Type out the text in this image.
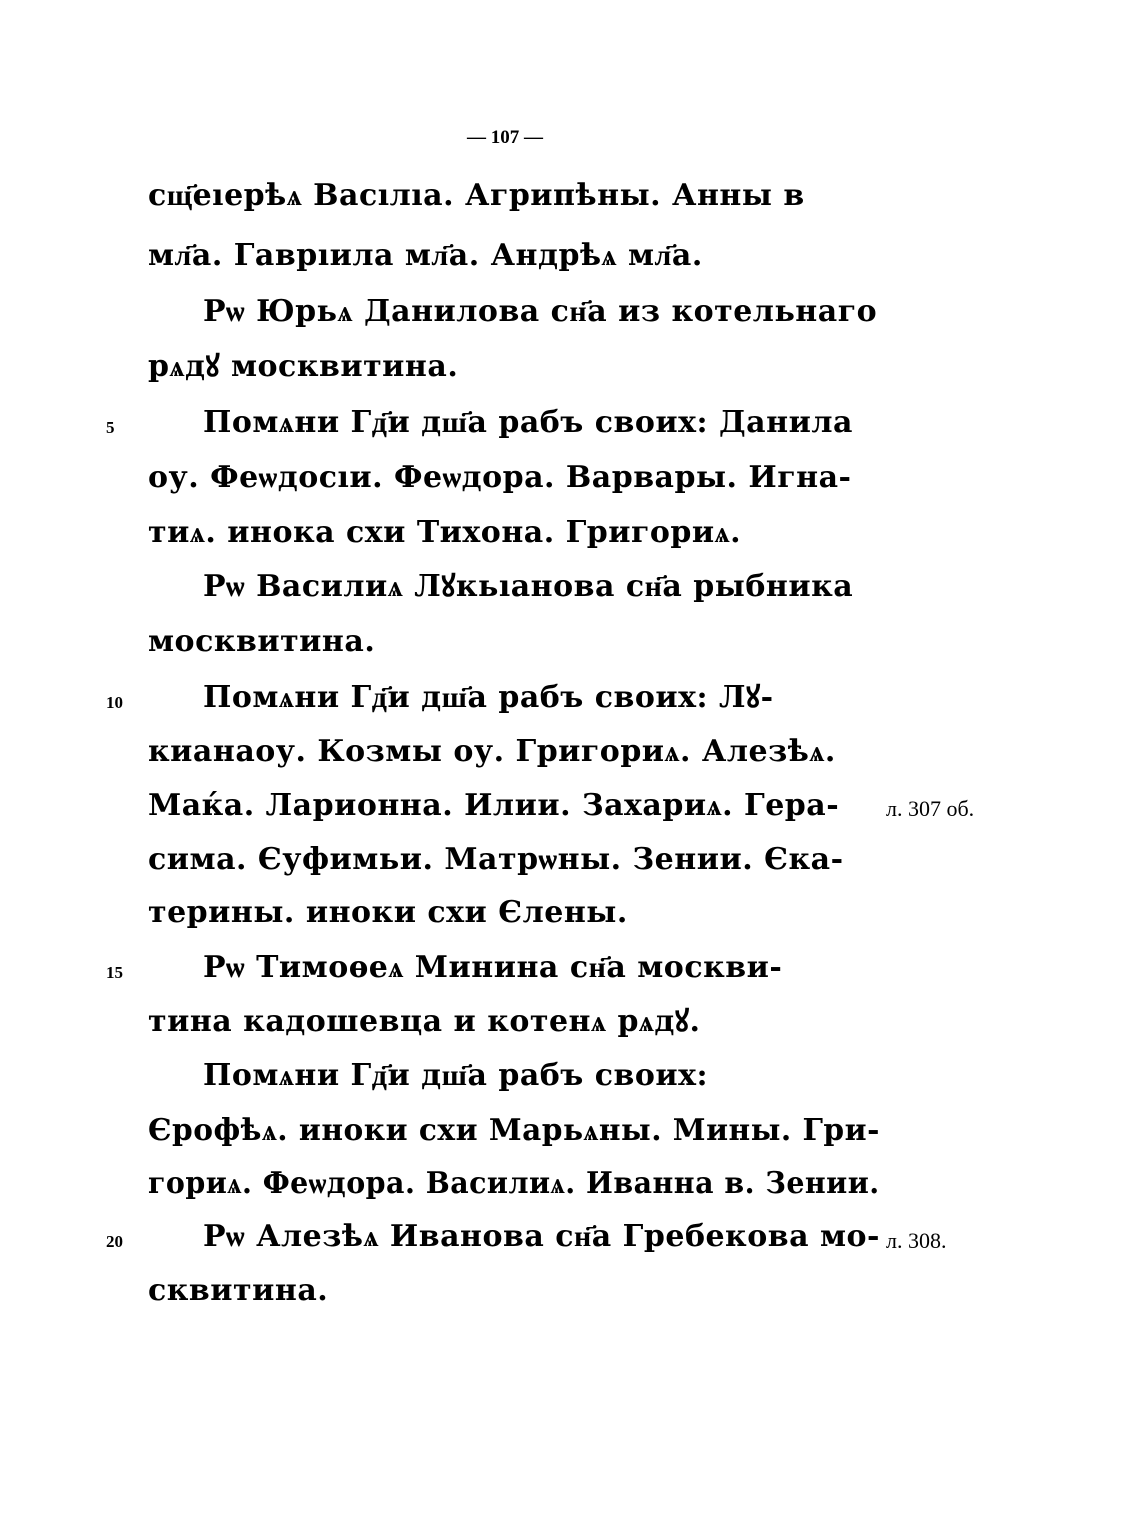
— 107 —
сщ҃еıерѣѧ Васıлıа. Агрипѣны. Анны в
мл҃а. Гаврıила мл҃а. Андрѣѧ мл҃а.
Рѡ Юрьѧ Данилова сн҃а из котельнаго
рѧдꙋ москвитина.
Помѧни Гд҃и дш҃а рабъ своих: Данила
оу. Феѡдосıи. Феѡдора. Варвары. Игна-
тиѧ. инока схи Тихона. Григориѧ.
Рѡ Василиѧ Лꙋкьıанова сн҃а рыбника
москвитина.
Помѧни Гд҃и дш҃а рабъ своих: Лꙋ-
кианаоу. Козмы оу. Григориѧ. Алезѣѧ.
Маќа. Ларионна. Илии. Захариѧ. Гера-
сима. Єуфимьи. Матрѡны. Зении. Єка-
терины. иноки схи Єлены.
Рѡ Тимоѳеѧ Минина сн҃а москви-
тина кадошевца и котенѧ рѧдꙋ.
Помѧни Гд҃и дш҃а рабъ своих:
Єрофѣѧ. иноки схи Марьѧны. Мины. Гри-
гориѧ. Феѡдора. Василиѧ. Иванна в. Зении.
Рѡ Алезѣѧ Иванова сн҃а Гребекова мо-
сквитина.
5
10
15
20
л. 307 об.
л. 308.
